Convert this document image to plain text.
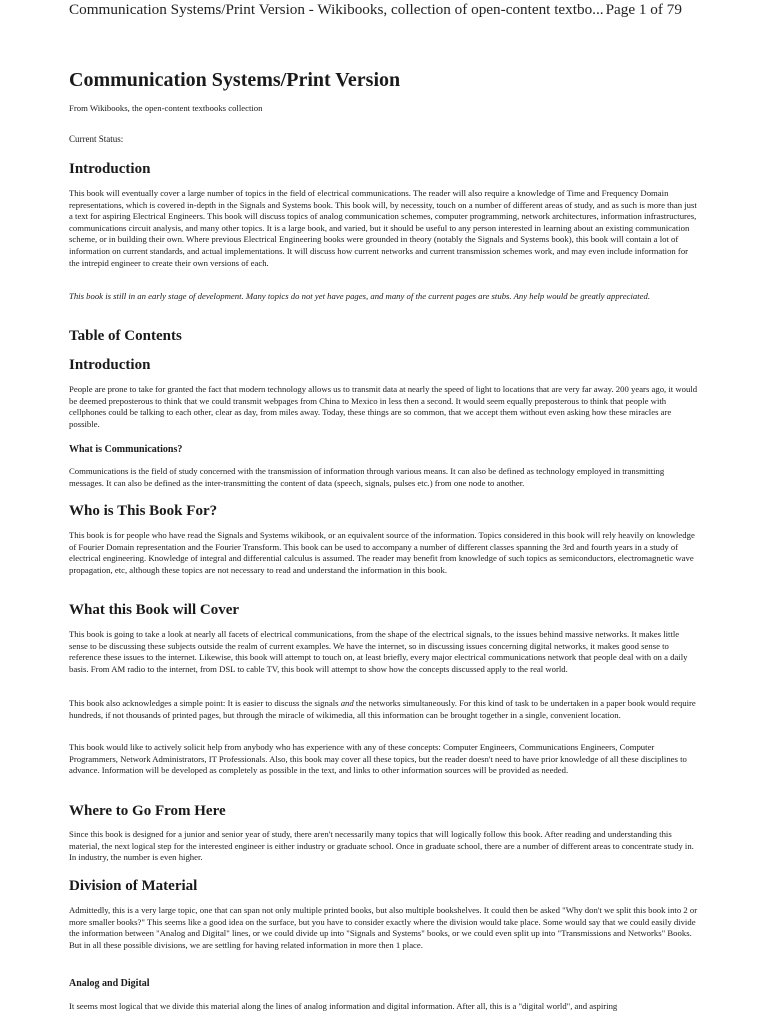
Communication Systems/Print Version - Wikibooks, collection of open-content textbo... Page 1 of 79
Communication Systems/Print Version
From Wikibooks, the open-content textbooks collection
Current Status:
Introduction

This book will eventually cover a large number of topics in the field of electrical communications. The reader will also require a knowledge of Time and Frequency Domain representations, which is covered in-depth in the Signals and Systems book. This book will, by necessity, touch on a number of different areas of study, and as such is more than just a text for aspiring Electrical Engineers. This book will discuss topics of analog communication schemes, computer programming, network architectures, information infrastructures, communications circuit analysis, and many other topics. It is a large book, and varied, but it should be useful to any person interested in learning about an existing communication scheme, or in building their own. Where previous Electrical Engineering books were grounded in theory (notably the Signals and Systems book), this book will contain a lot of information on current standards, and actual implementations. It will discuss how current networks and current transmission schemes work, and may even include information for the intrepid engineer to create their own versions of each.

This book is still in an early stage of development. Many topics do not yet have pages, and many of the current pages are stubs. Any help would be greatly appreciated.

Table of Contents
Introduction

People are prone to take for granted the fact that modern technology allows us to transmit data at nearly the speed of light to locations that are very far away. 200 years ago, it would be deemed preposterous to think that we could transmit webpages from China to Mexico in less then a second. It would seem equally preposterous to think that people with cellphones could be talking to each other, clear as day, from miles away. Today, these things are so common, that we accept them without even asking how these miracles are possible.

What is Communications?

Communications is the field of study concerned with the transmission of information through various means. It can also be defined as technology employed in transmitting messages. It can also be defined as the inter-transmitting the content of data (speech, signals, pulses etc.) from one node to another.

Who is This Book For?

This book is for people who have read the Signals and Systems wikibook, or an equivalent source of the information. Topics considered in this book will rely heavily on knowledge of Fourier Domain representation and the Fourier Transform. This book can be used to accompany a number of different classes spanning the 3rd and fourth years in a study of electrical engineering. Knowledge of integral and differential calculus is assumed. The reader may benefit from knowledge of such topics as semiconductors, electromagnetic wave propagation, etc, although these topics are not necessary to read and understand the information in this book.

What this Book will Cover

This book is going to take a look at nearly all facets of electrical communications, from the shape of the electrical signals, to the issues behind massive networks. It makes little sense to be discussing these subjects outside the realm of current examples. We have the internet, so in discussing issues concerning digital networks, it makes good sense to reference these issues to the internet. Likewise, this book will attempt to touch on, at least briefly, every major electrical communications network that people deal with on a daily basis. From AM radio to the internet, from DSL to cable TV, this book will attempt to show how the concepts discussed apply to the real world.

This book also acknowledges a simple point: It is easier to discuss the signals and the networks simultaneously. For this kind of task to be undertaken in a paper book would require hundreds, if not thousands of printed pages, but through the miracle of wikimedia, all this information can be brought together in a single, convenient location.

This book would like to actively solicit help from anybody who has experience with any of these concepts: Computer Engineers, Communications Engineers, Computer Programmers, Network Administrators, IT Professionals. Also, this book may cover all these topics, but the reader doesn't need to have prior knowledge of all these disciplines to advance. Information will be developed as completely as possible in the text, and links to other information sources will be provided as needed.

Where to Go From Here

Since this book is designed for a junior and senior year of study, there aren't necessarily many topics that will logically follow this book. After reading and understanding this material, the next logical step for the interested engineer is either industry or graduate school. Once in graduate school, there are a number of different areas to concentrate study in. In industry, the number is even higher.

Division of Material

Admittedly, this is a very large topic, one that can span not only multiple printed books, but also multiple bookshelves. It could then be asked "Why don't we split this book into 2 or more smaller books?" This seems like a good idea on the surface, but you have to consider exactly where the division would take place. Some would say that we could easily divide the information between "Analog and Digital" lines, or we could divide up into "Signals and Systems" books, or we could even split up into "Transmissions and Networks" Books. But in all these possible divisions, we are settling for having related information in more then 1 place.

Analog and Digital

It seems most logical that we divide this material along the lines of analog information and digital information. After all, this is a "digital world", and aspiring
